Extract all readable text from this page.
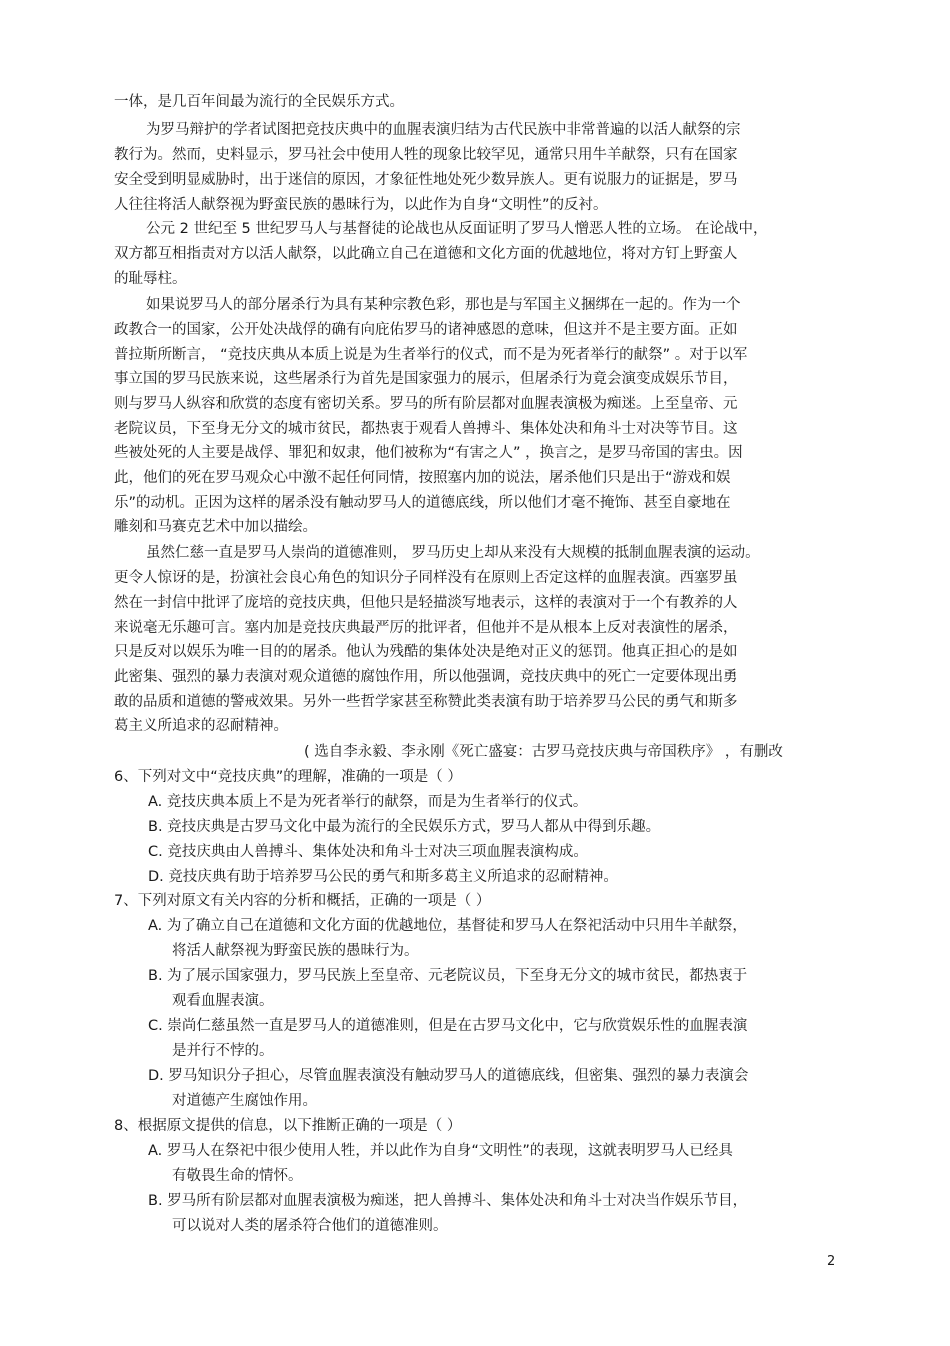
一体，是几百年间最为流行的全民娱乐方式。
为罗马辩护的学者试图把竞技庆典中的血腥表演归结为古代民族中非常普遍的以活人献祭的宗
教行为。然而，史料显示，罗马社会中使用人牲的现象比较罕见，通常只用牛羊献祭，只有在国家
安全受到明显威胁时，出于迷信的原因，才象征性地处死少数异族人。更有说服力的证据是，罗马
人往往将活人献祭视为野蛮民族的愚昧行为，以此作为自身“文明性”的反衬。
公元 2 世纪至 5 世纪罗马人与基督徒的论战也从反面证明了罗马人憎恶人牲的立场。 在论战中，
双方都互相指责对方以活人献祭，以此确立自己在道德和文化方面的优越地位，将对方钉上野蛮人
的耻辱柱。
如果说罗马人的部分屠杀行为具有某种宗教色彩，那也是与军国主义捆绑在一起的。作为一个
政教合一的国家，公开处决战俘的确有向庇佑罗马的诸神感恩的意味，但这并不是主要方面。正如
普拉斯所断言， “竞技庆典从本质上说是为生者举行的仪式，而不是为死者举行的献祭” 。对于以军
事立国的罗马民族来说，这些屠杀行为首先是国家强力的展示，但屠杀行为竟会演变成娱乐节目，
则与罗马人纵容和欣赏的态度有密切关系。罗马的所有阶层都对血腥表演极为痴迷。上至皇帝、元
老院议员，下至身无分文的城市贫民，都热衷于观看人兽搏斗、集体处决和角斗士对决等节目。这
些被处死的人主要是战俘、罪犯和奴隶，他们被称为“有害之人” ，换言之，是罗马帝国的害虫。因
此，他们的死在罗马观众心中激不起任何同情，按照塞内加的说法，屠杀他们只是出于“游戏和娱
乐”的动机。正因为这样的屠杀没有触动罗马人的道德底线，所以他们才毫不掩饰、甚至自豪地在
雕刻和马赛克艺术中加以描绘。
虽然仁慈一直是罗马人崇尚的道德准则， 罗马历史上却从来没有大规模的抵制血腥表演的运动。
更令人惊讶的是，扮演社会良心角色的知识分子同样没有在原则上否定这样的血腥表演。西塞罗虽
然在一封信中批评了庞培的竞技庆典，但他只是轻描淡写地表示，这样的表演对于一个有教养的人
来说毫无乐趣可言。塞内加是竞技庆典最严厉的批评者，但他并不是从根本上反对表演性的屠杀，
只是反对以娱乐为唯一目的的屠杀。他认为残酷的集体处决是绝对正义的惩罚。他真正担心的是如
此密集、强烈的暴力表演对观众道德的腐蚀作用，所以他强调，竞技庆典中的死亡一定要体现出勇
敢的品质和道德的警戒效果。另外一些哲学家甚至称赞此类表演有助于培养罗马公民的勇气和斯多
葛主义所追求的忍耐精神。
( 选自李永毅、李永刚《死亡盛宴：古罗马竞技庆典与帝国秩序》 ，有删改
6、下列对文中“竞技庆典”的理解，准确的一项是（ ）
A. 竞技庆典本质上不是为死者举行的献祭，而是为生者举行的仪式。
B. 竞技庆典是古罗马文化中最为流行的全民娱乐方式，罗马人都从中得到乐趣。
C. 竞技庆典由人兽搏斗、集体处决和角斗士对决三项血腥表演构成。
D. 竞技庆典有助于培养罗马公民的勇气和斯多葛主义所追求的忍耐精神。
7、下列对原文有关内容的分析和概括，正确的一项是（ ）
A. 为了确立自己在道德和文化方面的优越地位，基督徒和罗马人在祭祀活动中只用牛羊献祭，
将活人献祭视为野蛮民族的愚昧行为。
B. 为了展示国家强力，罗马民族上至皇帝、元老院议员，下至身无分文的城市贫民，都热衷于
观看血腥表演。
C. 崇尚仁慈虽然一直是罗马人的道德准则，但是在古罗马文化中，它与欣赏娱乐性的血腥表演
是并行不悖的。
D. 罗马知识分子担心，尽管血腥表演没有触动罗马人的道德底线，但密集、强烈的暴力表演会
对道德产生腐蚀作用。
8、根据原文提供的信息，以下推断正确的一项是（ ）
A. 罗马人在祭祀中很少使用人牲，并以此作为自身“文明性”的表现，这就表明罗马人已经具
有敬畏生命的情怀。
B. 罗马所有阶层都对血腥表演极为痴迷，把人兽搏斗、集体处决和角斗士对决当作娱乐节目，
可以说对人类的屠杀符合他们的道德准则。
2
